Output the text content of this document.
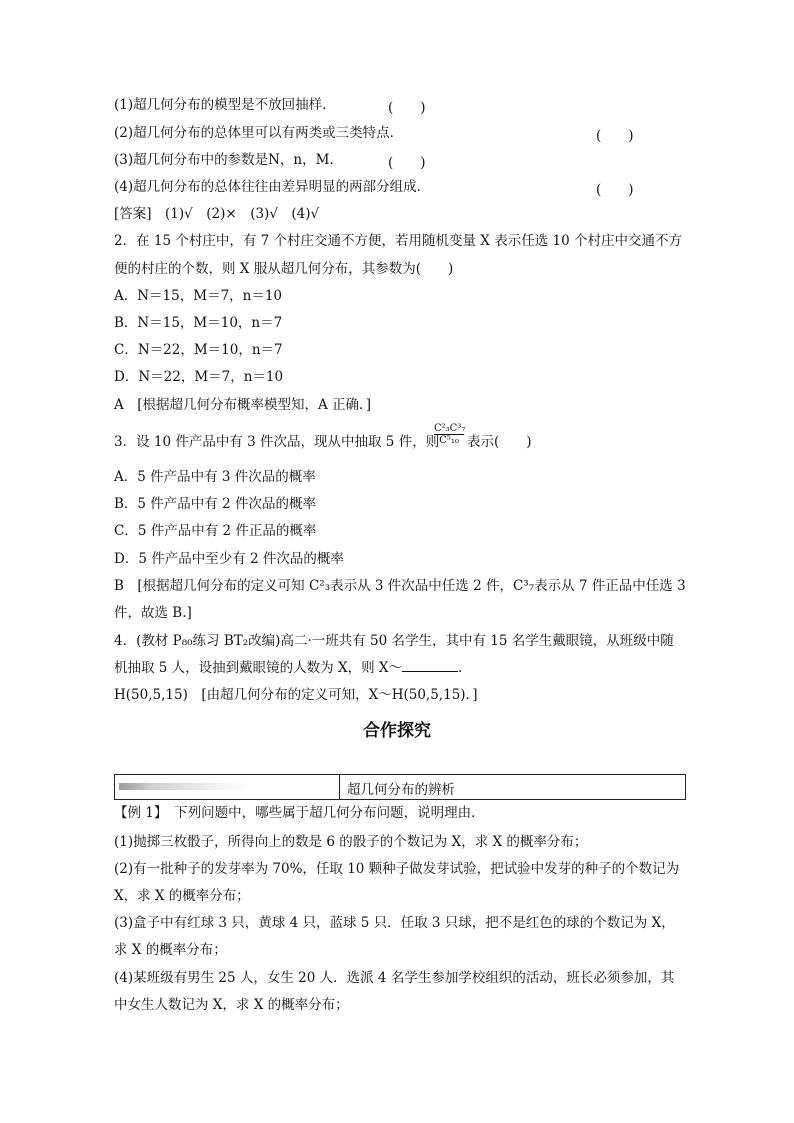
(1)超几何分布的模型是不放回抽样．	(　　)
(2)超几何分布的总体里可以有两类或三类特点．	(　　)
(3)超几何分布中的参数是N，n，M.	(　　)
(4)超几何分布的总体往往由差异明显的两部分组成．	(　　)
[答案]　(1)√　(2)×　(3)√　(4)√
2．在 15 个村庄中，有 7 个村庄交通不方便，若用随机变量 X 表示任选 10 个村庄中交通不方
便的村庄的个数，则 X 服从超几何分布，其参数为(　　)
A．N＝15，M＝7，n＝10
B．N＝15，M＝10，n＝7
C．N＝22，M＝10，n＝7
D．N＝22，M＝7，n＝10
A　[根据超几何分布概率模型知，A 正确．]
3．设 10 件产品中有 3 件次品，现从中抽取 5 件，则
$\frac{\text{C²₃C³₇}}{\text{C⁵₁₀}}$ 表示(　　)
A．5 件产品中有 3 件次品的概率
B．5 件产品中有 2 件次品的概率
C．5 件产品中有 2 件正品的概率
D．5 件产品中至少有 2 件次品的概率
B　[根据超几何分布的定义可知 C²₃表示从 3 件次品中任选 2 件，C³₇表示从 7 件正品中任选 3
件，故选 B.]
4．(教材 P₈₀练习 BT₂改编)高二·一班共有 50 名学生，其中有 15 名学生戴眼镜，从班级中随
机抽取 5 人，设抽到戴眼镜的人数为 X，则 X～	.
H(50,5,15)　[由超几何分布的定义可知，X～H(50,5,15)．]
合作探究
超几何分布的辨析
【例 1】　下列问题中，哪些属于超几何分布问题，说明理由．
(1)抛掷三枚骰子，所得向上的数是 6 的骰子的个数记为 X，求 X 的概率分布；
(2)有一批种子的发芽率为 70%，任取 10 颗种子做发芽试验，把试验中发芽的种子的个数记为
X，求 X 的概率分布；
(3)盒子中有红球 3 只，黄球 4 只，蓝球 5 只．任取 3 只球，把不是红色的球的个数记为 X，
求 X 的概率分布；
(4)某班级有男生 25 人，女生 20 人．选派 4 名学生参加学校组织的活动，班长必须参加，其
中女生人数记为 X，求 X 的概率分布；
